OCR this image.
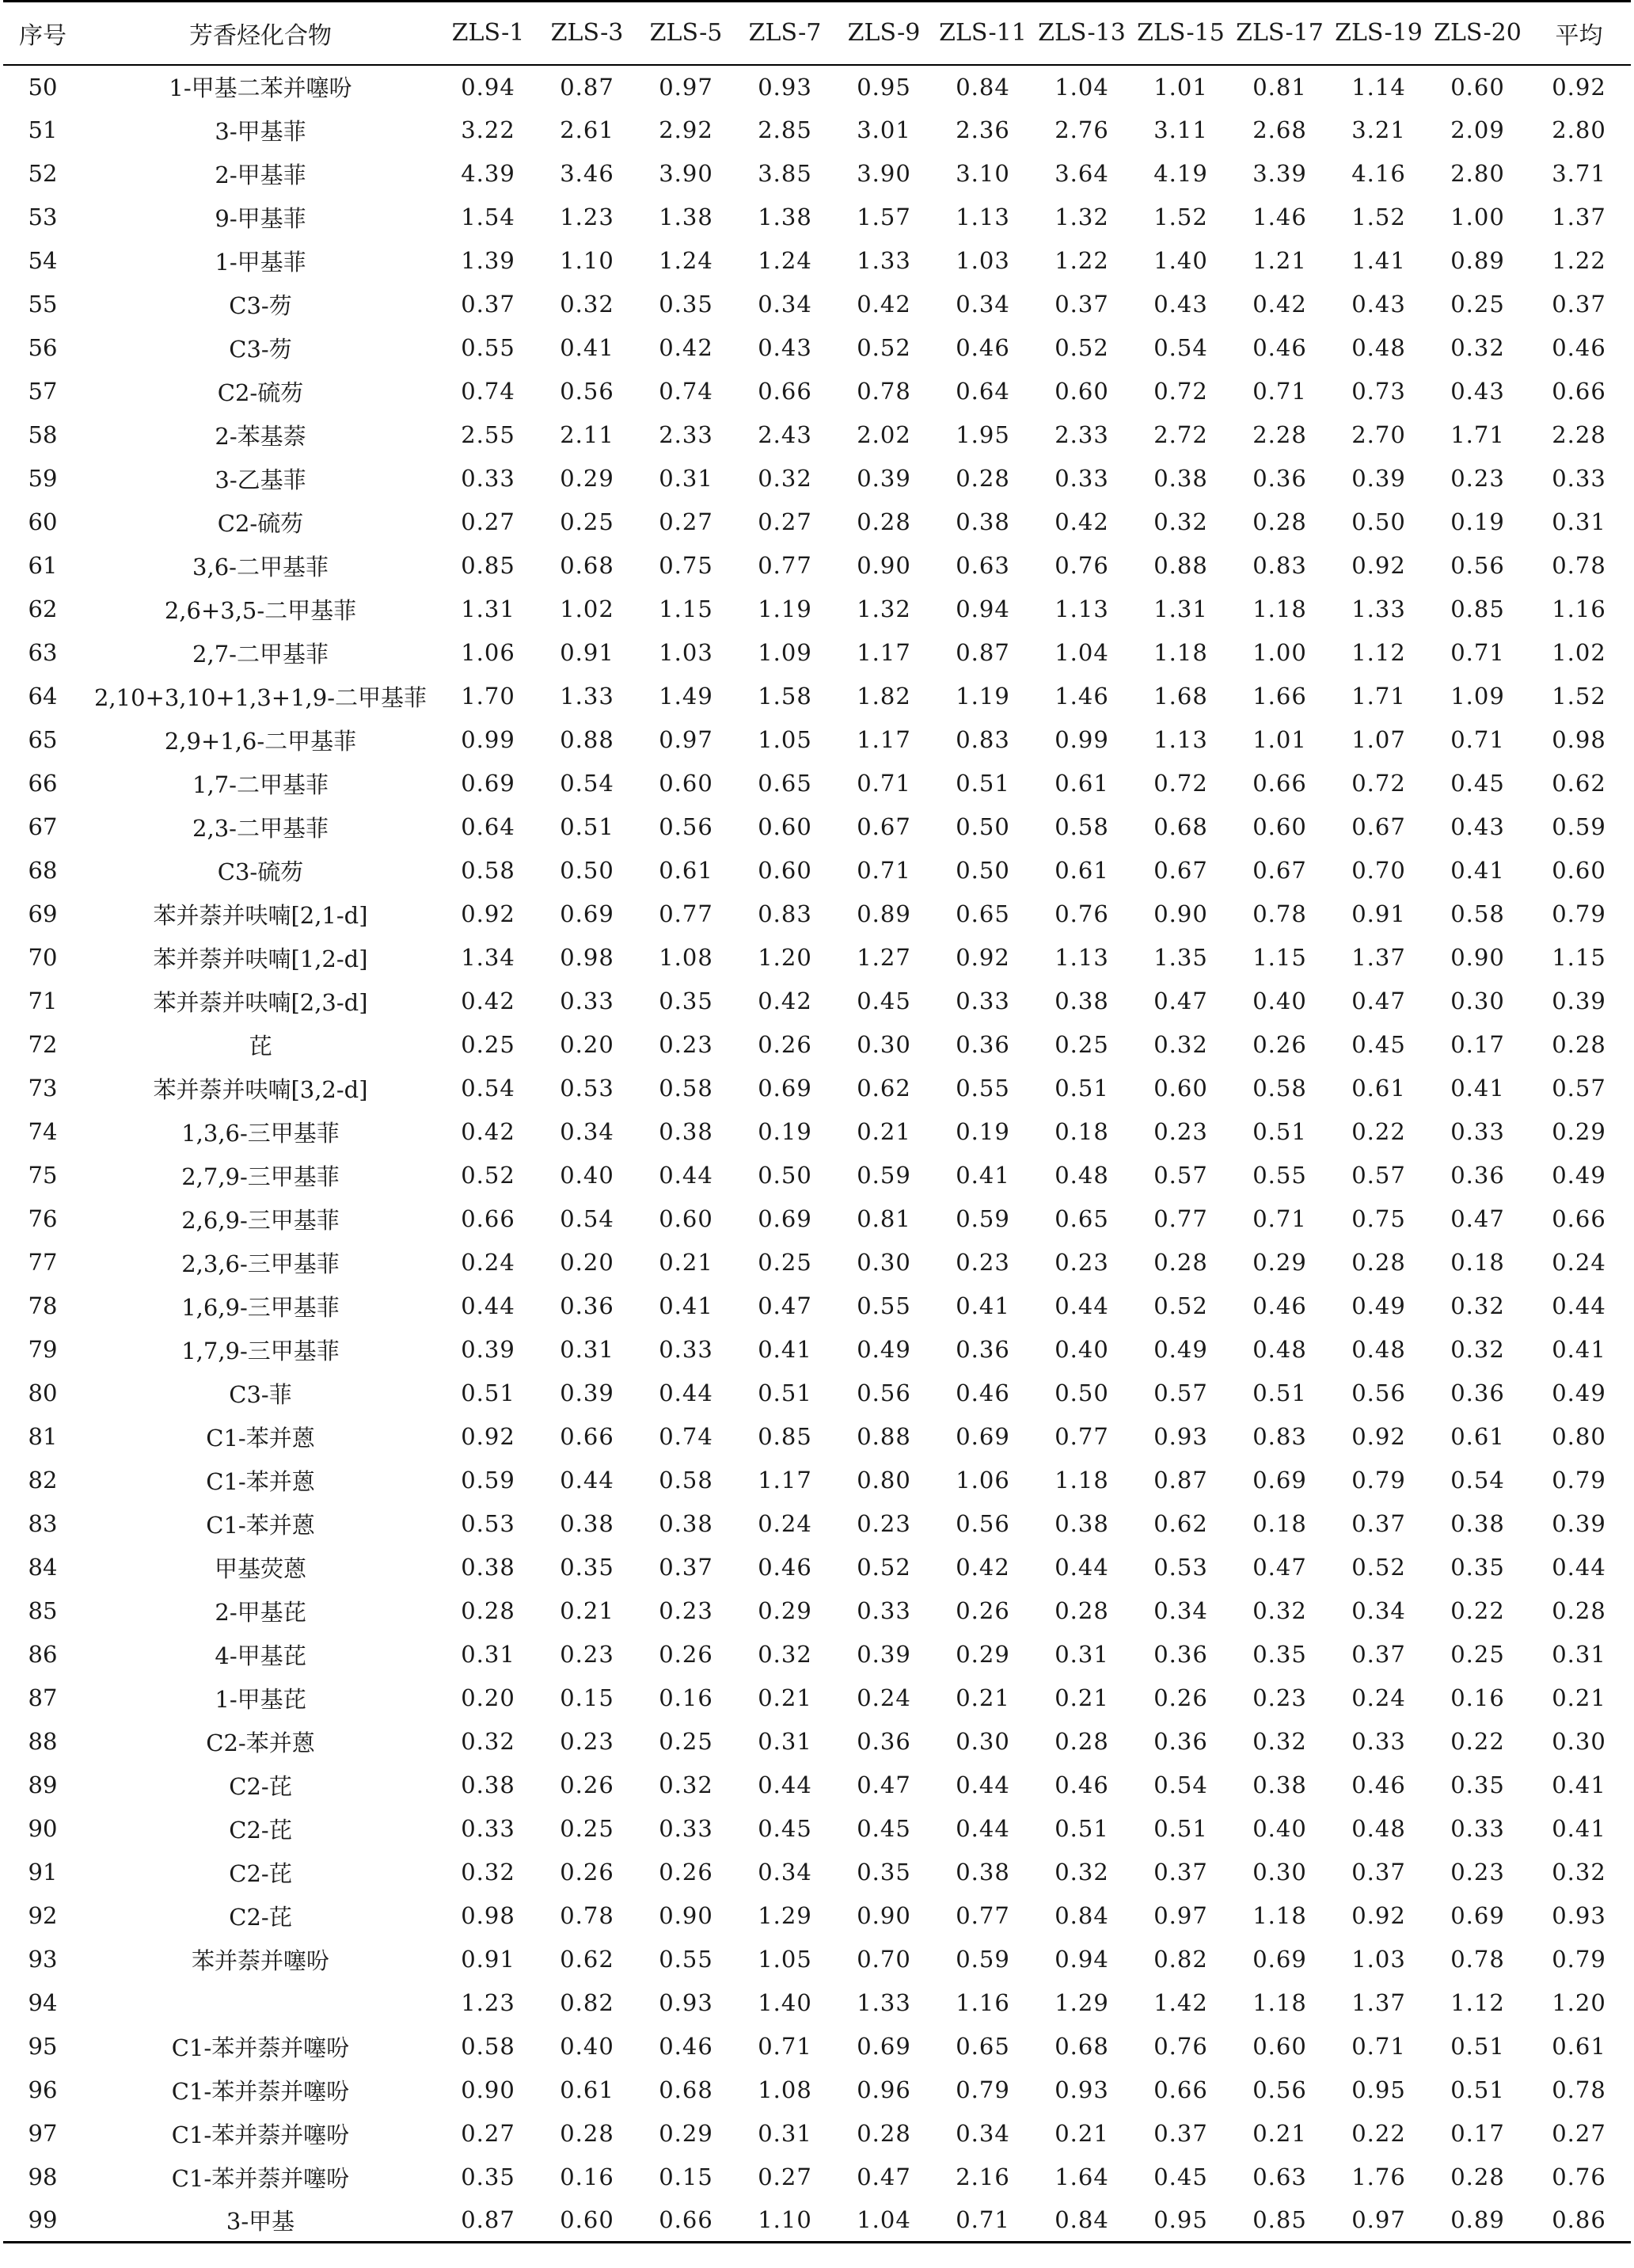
序号	芳香烃化合物	ZLS-1	ZLS-3	ZLS-5	ZLS-7	ZLS-9	ZLS-11	ZLS-13	ZLS-15	ZLS-17	ZLS-19	ZLS-20	平均
50	1-甲基二苯并噻吩	0.94	0.87	0.97	0.93	0.95	0.84	1.04	1.01	0.81	1.14	0.60	0.92
51	3-甲基菲	3.22	2.61	2.92	2.85	3.01	2.36	2.76	3.11	2.68	3.21	2.09	2.80
52	2-甲基菲	4.39	3.46	3.90	3.85	3.90	3.10	3.64	4.19	3.39	4.16	2.80	3.71
53	9-甲基菲	1.54	1.23	1.38	1.38	1.57	1.13	1.32	1.52	1.46	1.52	1.00	1.37
54	1-甲基菲	1.39	1.10	1.24	1.24	1.33	1.03	1.22	1.40	1.21	1.41	0.89	1.22
55	C3-芴	0.37	0.32	0.35	0.34	0.42	0.34	0.37	0.43	0.42	0.43	0.25	0.37
56	C3-芴	0.55	0.41	0.42	0.43	0.52	0.46	0.52	0.54	0.46	0.48	0.32	0.46
57	C2-硫芴	0.74	0.56	0.74	0.66	0.78	0.64	0.60	0.72	0.71	0.73	0.43	0.66
58	2-苯基萘	2.55	2.11	2.33	2.43	2.02	1.95	2.33	2.72	2.28	2.70	1.71	2.28
59	3-乙基菲	0.33	0.29	0.31	0.32	0.39	0.28	0.33	0.38	0.36	0.39	0.23	0.33
60	C2-硫芴	0.27	0.25	0.27	0.27	0.28	0.38	0.42	0.32	0.28	0.50	0.19	0.31
61	3,6-二甲基菲	0.85	0.68	0.75	0.77	0.90	0.63	0.76	0.88	0.83	0.92	0.56	0.78
62	2,6+3,5-二甲基菲	1.31	1.02	1.15	1.19	1.32	0.94	1.13	1.31	1.18	1.33	0.85	1.16
63	2,7-二甲基菲	1.06	0.91	1.03	1.09	1.17	0.87	1.04	1.18	1.00	1.12	0.71	1.02
64	2,10+3,10+1,3+1,9-二甲基菲	1.70	1.33	1.49	1.58	1.82	1.19	1.46	1.68	1.66	1.71	1.09	1.52
65	2,9+1,6-二甲基菲	0.99	0.88	0.97	1.05	1.17	0.83	0.99	1.13	1.01	1.07	0.71	0.98
66	1,7-二甲基菲	0.69	0.54	0.60	0.65	0.71	0.51	0.61	0.72	0.66	0.72	0.45	0.62
67	2,3-二甲基菲	0.64	0.51	0.56	0.60	0.67	0.50	0.58	0.68	0.60	0.67	0.43	0.59
68	C3-硫芴	0.58	0.50	0.61	0.60	0.71	0.50	0.61	0.67	0.67	0.70	0.41	0.60
69	苯并萘并呋喃[2,1-d]	0.92	0.69	0.77	0.83	0.89	0.65	0.76	0.90	0.78	0.91	0.58	0.79
70	苯并萘并呋喃[1,2-d]	1.34	0.98	1.08	1.20	1.27	0.92	1.13	1.35	1.15	1.37	0.90	1.15
71	苯并萘并呋喃[2,3-d]	0.42	0.33	0.35	0.42	0.45	0.33	0.38	0.47	0.40	0.47	0.30	0.39
72	芘	0.25	0.20	0.23	0.26	0.30	0.36	0.25	0.32	0.26	0.45	0.17	0.28
73	苯并萘并呋喃[3,2-d]	0.54	0.53	0.58	0.69	0.62	0.55	0.51	0.60	0.58	0.61	0.41	0.57
74	1,3,6-三甲基菲	0.42	0.34	0.38	0.19	0.21	0.19	0.18	0.23	0.51	0.22	0.33	0.29
75	2,7,9-三甲基菲	0.52	0.40	0.44	0.50	0.59	0.41	0.48	0.57	0.55	0.57	0.36	0.49
76	2,6,9-三甲基菲	0.66	0.54	0.60	0.69	0.81	0.59	0.65	0.77	0.71	0.75	0.47	0.66
77	2,3,6-三甲基菲	0.24	0.20	0.21	0.25	0.30	0.23	0.23	0.28	0.29	0.28	0.18	0.24
78	1,6,9-三甲基菲	0.44	0.36	0.41	0.47	0.55	0.41	0.44	0.52	0.46	0.49	0.32	0.44
79	1,7,9-三甲基菲	0.39	0.31	0.33	0.41	0.49	0.36	0.40	0.49	0.48	0.48	0.32	0.41
80	C3-菲	0.51	0.39	0.44	0.51	0.56	0.46	0.50	0.57	0.51	0.56	0.36	0.49
81	C1-苯并蒽	0.92	0.66	0.74	0.85	0.88	0.69	0.77	0.93	0.83	0.92	0.61	0.80
82	C1-苯并蒽	0.59	0.44	0.58	1.17	0.80	1.06	1.18	0.87	0.69	0.79	0.54	0.79
83	C1-苯并蒽	0.53	0.38	0.38	0.24	0.23	0.56	0.38	0.62	0.18	0.37	0.38	0.39
84	甲基荧蒽	0.38	0.35	0.37	0.46	0.52	0.42	0.44	0.53	0.47	0.52	0.35	0.44
85	2-甲基芘	0.28	0.21	0.23	0.29	0.33	0.26	0.28	0.34	0.32	0.34	0.22	0.28
86	4-甲基芘	0.31	0.23	0.26	0.32	0.39	0.29	0.31	0.36	0.35	0.37	0.25	0.31
87	1-甲基芘	0.20	0.15	0.16	0.21	0.24	0.21	0.21	0.26	0.23	0.24	0.16	0.21
88	C2-苯并蒽	0.32	0.23	0.25	0.31	0.36	0.30	0.28	0.36	0.32	0.33	0.22	0.30
89	C2-芘	0.38	0.26	0.32	0.44	0.47	0.44	0.46	0.54	0.38	0.46	0.35	0.41
90	C2-芘	0.33	0.25	0.33	0.45	0.45	0.44	0.51	0.51	0.40	0.48	0.33	0.41
91	C2-芘	0.32	0.26	0.26	0.34	0.35	0.38	0.32	0.37	0.30	0.37	0.23	0.32
92	C2-芘	0.98	0.78	0.90	1.29	0.90	0.77	0.84	0.97	1.18	0.92	0.69	0.93
93	苯并萘并噻吩	0.91	0.62	0.55	1.05	0.70	0.59	0.94	0.82	0.69	1.03	0.78	0.79
94		1.23	0.82	0.93	1.40	1.33	1.16	1.29	1.42	1.18	1.37	1.12	1.20
95	C1-苯并萘并噻吩	0.58	0.40	0.46	0.71	0.69	0.65	0.68	0.76	0.60	0.71	0.51	0.61
96	C1-苯并萘并噻吩	0.90	0.61	0.68	1.08	0.96	0.79	0.93	0.66	0.56	0.95	0.51	0.78
97	C1-苯并萘并噻吩	0.27	0.28	0.29	0.31	0.28	0.34	0.21	0.37	0.21	0.22	0.17	0.27
98	C1-苯并萘并噻吩	0.35	0.16	0.15	0.27	0.47	2.16	1.64	0.45	0.63	1.76	0.28	0.76
99	3-甲基	0.87	0.60	0.66	1.10	1.04	0.71	0.84	0.95	0.85	0.97	0.89	0.86
